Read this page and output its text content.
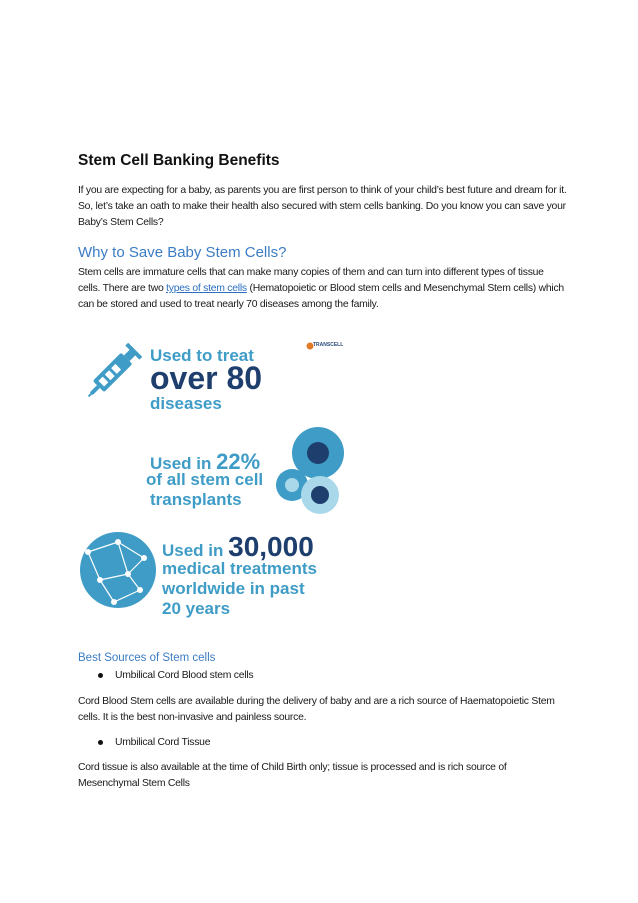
Stem Cell Banking Benefits
If you are expecting for a baby, as parents you are first person to think of your child’s best future and dream for it. So, let’s take an oath to make their health also secured with stem cells banking. Do you know you can save your Baby’s Stem Cells?
Why to Save Baby Stem Cells?
Stem cells are immature cells that can make many copies of them and can turn into different types of tissue cells. There are two types of stem cells (Hematopoietic or Blood stem cells and Mesenchymal Stem cells) which can be stored and used to treat nearly 70 diseases among the family.
Used to treat
over 80
diseases
Used in 22%
of all stem cell
transplants
Used in 30,000
medical treatments
worldwide in past
20 years
TRANSCELL
Best Sources of Stem cells
Umbilical Cord Blood stem cells
Cord Blood Stem cells are available during the delivery of baby and are a rich source of Haematopoietic Stem cells. It is the best non-invasive and painless source.
Umbilical Cord Tissue
Cord tissue is also available at the time of Child Birth only; tissue is processed and is rich source of Mesenchymal Stem Cells
